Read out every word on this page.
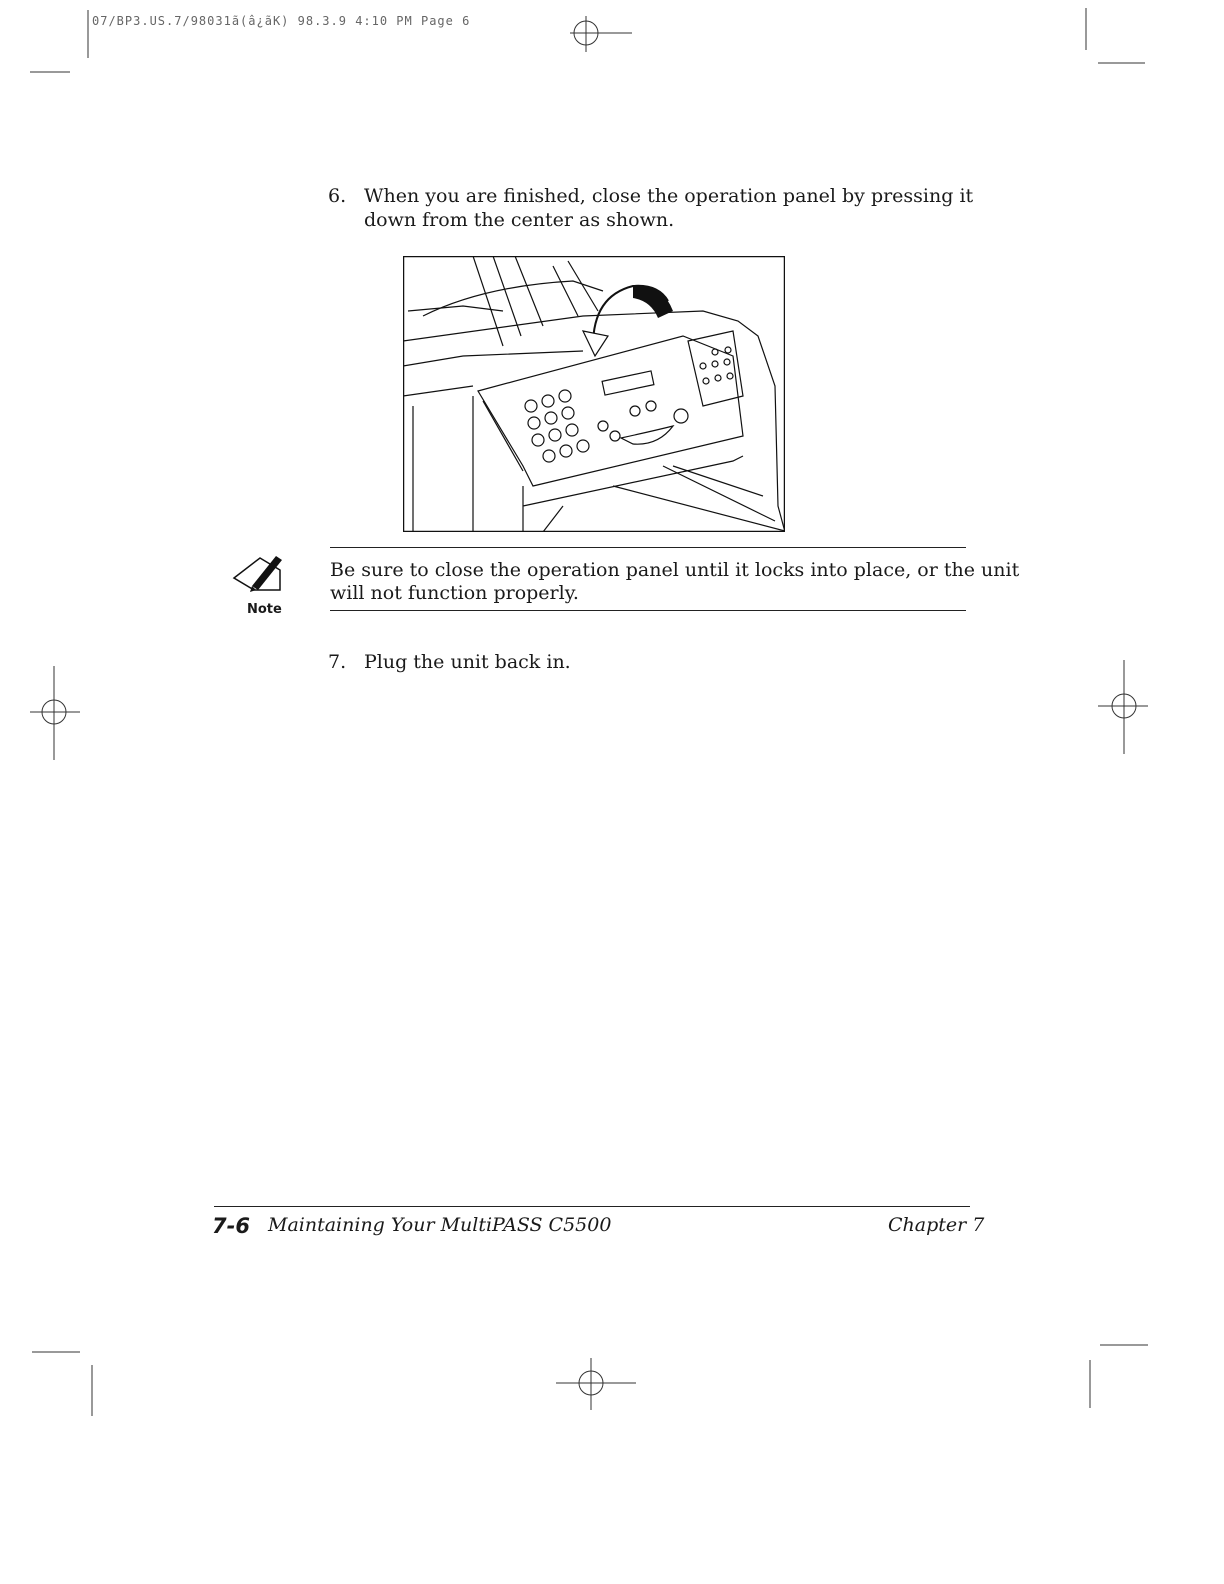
07/BP3.US.7/98031ã(â¿ãK) 98.3.9 4:10 PM Page 6
6. When you are finished, close the operation panel by pressing it
down from the center as shown.
Note
Be sure to close the operation panel until it locks into place, or the unit
will not function properly.
7. Plug the unit back in.
7-6 Maintaining Your MultiPASS C5500	Chapter 7
